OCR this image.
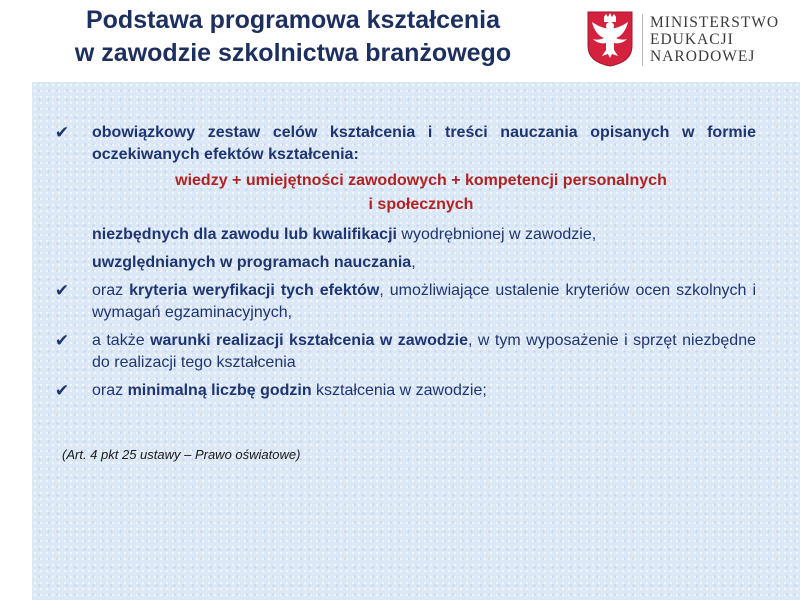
Podstawa programowa kształcenia
w zawodzie szkolnictwa branżowego
MINISTERSTWO
EDUKACJI
NARODOWEJ
✔ obowiązkowy zestaw celów kształcenia i treści nauczania opisanych w formie oczekiwanych efektów kształcenia:
wiedzy + umiejętności zawodowych + kompetencji personalnych
i społecznych
niezbędnych dla zawodu lub kwalifikacji wyodrębnionej w zawodzie,
uwzględnianych w programach nauczania,
✔ oraz kryteria weryfikacji tych efektów, umożliwiające ustalenie kryteriów ocen szkolnych i wymagań egzaminacyjnych,
✔ a także warunki realizacji kształcenia w zawodzie, w tym wyposażenie i sprzęt niezbędne do realizacji tego kształcenia
✔ oraz minimalną liczbę godzin kształcenia w zawodzie;
(Art. 4 pkt 25 ustawy – Prawo oświatowe)
